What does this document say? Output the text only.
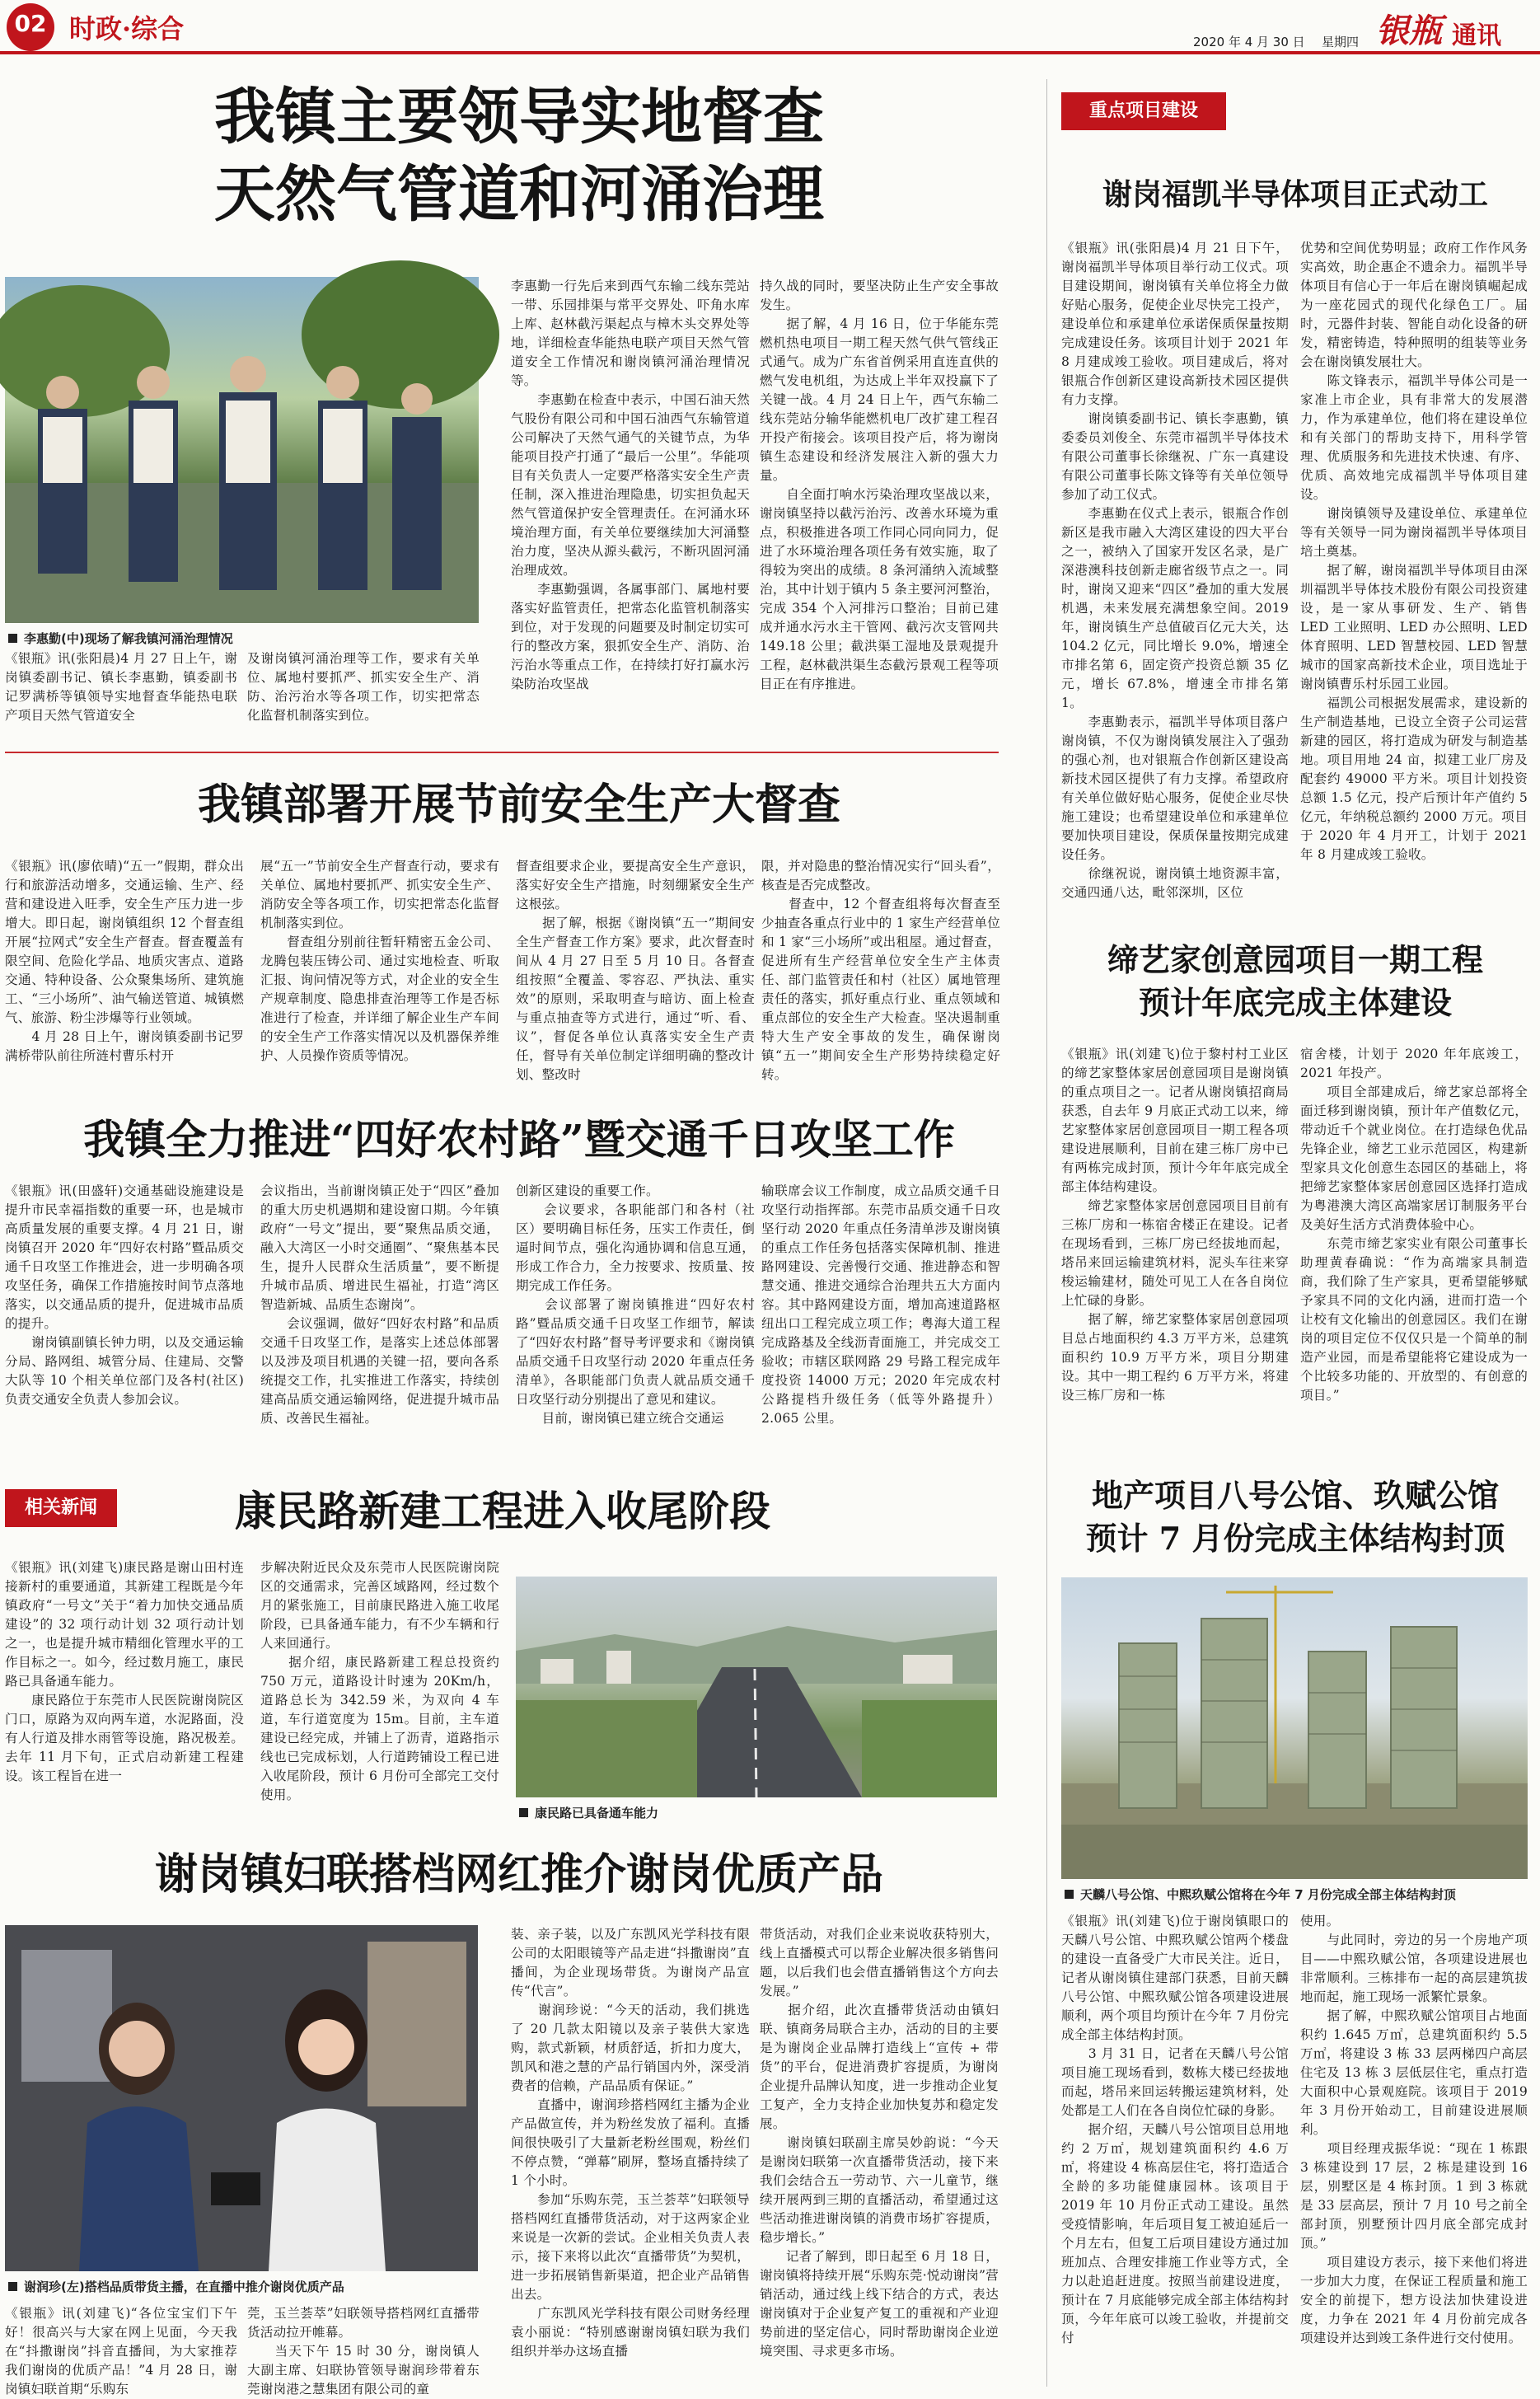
02 时政·综合	2020 年 4 月 30 日 星期四 银瓶 通讯
我镇主要领导实地督查
天然气管道和河涌治理
李惠勤(中)现场了解我镇河涌治理情况
《银瓶》讯(张阳晨)4 月 27 日上午，谢岗镇委副书记、镇长李惠勤，镇委副书记罗满桥等镇领导实地督查华能热电联产项目天然气管道安全
及谢岗镇河涌治理等工作，要求有关单位、属地村要抓严、抓实安全生产、消防、治污治水等各项工作，切实把常态化监督机制落实到位。
李惠勤一行先后来到西气东输二线东莞站一带、乐园排渠与常平交界处、吓角水库上库、赵林截污渠起点与樟木头交界处等地，详细检查华能热电联产项目天然气管道安全工作情况和谢岗镇河涌治理情况等。
　　李惠勤在检查中表示，中国石油天然气股份有限公司和中国石油西气东输管道公司解决了天然气通气的关键节点，为华能项目投产打通了“最后一公里”。华能项目有关负责人一定要严格落实安全生产责任制，深入推进治理隐患，切实担负起天然气管道保护安全管理责任。在河涌水环境治理方面，有关单位要继续加大河涌整治力度，坚决从源头截污，不断巩固河涌治理成效。
　　李惠勤强调，各属事部门、属地村要落实好监管责任，把常态化监管机制落实到位，对于发现的问题要及时制定切实可行的整改方案，狠抓安全生产、消防、治污治水等重点工作，在持续打好打赢水污染防治攻坚战
持久战的同时，要坚决防止生产安全事故发生。
　　据了解，4 月 16 日，位于华能东莞燃机热电项目一期工程天然气供气管线正式通气。成为广东省首例采用直连直供的燃气发电机组，为达成上半年双投赢下了关键一战。4 月 24 日上午，西气东输二线东莞站分输华能燃机电厂改扩建工程召开投产衔接会。该项目投产后，将为谢岗镇生态建设和经济发展注入新的强大力量。
　　自全面打响水污染治理攻坚战以来，谢岗镇坚持以截污治污、改善水环境为重点，积极推进各项工作同心同向同力，促进了水环境治理各项任务有效实施，取了得较为突出的成绩。8 条河涌纳入流域整治，其中计划于镇内 5 条主要河河整治，完成 354 个入河排污口整治；目前已建成并通水污水主干管网、截污次支管网共 149.18 公里；截洪渠工湿地及景观提升工程，赵林截洪渠生态截污景观工程等项目正在有序推进。
我镇部署开展节前安全生产大督查
《银瓶》讯(廖依晴)“五一”假期，群众出行和旅游活动增多，交通运输、生产、经营和建设进入旺季，安全生产压力进一步增大。即日起，谢岗镇组织 12 个督查组开展“拉网式”安全生产督查。督查覆盖有限空间、危险化学品、地质灾害点、道路交通、特种设备、公众聚集场所、建筑施工、“三小场所”、油气输送管道、城镇燃气、旅游、粉尘涉爆等行业领域。
　　4 月 28 日上午，谢岗镇委副书记罗满桥带队前往所涟村曹乐村开
展“五一”节前安全生产督查行动，要求有关单位、属地村要抓严、抓实安全生产、消防安全等各项工作，切实把常态化监督机制落实到位。
　　督查组分别前往暂轩精密五金公司、龙腾包装压铸公司、通过实地检查、听取汇报、询问情况等方式，对企业的安全生产规章制度、隐患排查治理等工作是否标准进行了检查，并详细了解企业生产车间的安全生产工作落实情况以及机器保养维护、人员操作资质等情况。
督查组要求企业，要提高安全生产意识，落实好安全生产措施，时刻绷紧安全生产这根弦。
　　据了解，根据《谢岗镇“五一”期间安全生产督查工作方案》要求，此次督查时间从 4 月 27 日至 5 月 10 日。各督查组按照“全覆盖、零容忍、严执法、重实效”的原则，采取明查与暗访、面上检查与重点抽查等方式进行，通过“听、看、议”，督促各单位认真落实安全生产责任，督导有关单位制定详细明确的整改计划、整改时
限，并对隐患的整治情况实行“回头看”，核查是否完成整改。
　　督查中，12 个督查组将每次督查至少抽查各重点行业中的 1 家生产经营单位和 1 家“三小场所”或出租屋。通过督查，促进所有生产经营单位安全生产主体责任、部门监管责任和村（社区）属地管理责任的落实，抓好重点行业、重点领域和重点部位的安全生产大检查。坚决遏制重特大生产安全事故的发生，确保谢岗镇“五一”期间安全生产形势持续稳定好转。
我镇全力推进“四好农村路”暨交通千日攻坚工作
《银瓶》讯(田盛轩)交通基础设施建设是提升市民幸福指数的重要一环，也是城市高质量发展的重要支撑。4 月 21 日，谢岗镇召开 2020 年“四好农村路”暨品质交通千日攻坚工作推进会，进一步明确各项攻坚任务，确保工作措施按时间节点落地落实，以交通品质的提升，促进城市品质的提升。
　　谢岗镇副镇长钟力明，以及交通运输分局、路网组、城管分局、住建局、交警大队等 10 个相关单位部门及各村(社区)负责交通安全负责人参加会议。
会议指出，当前谢岗镇正处于“四区”叠加的重大历史机遇期和建设窗口期。今年镇政府“一号文”提出，要“聚焦品质交通，融入大湾区一小时交通圈”、“聚焦基本民生，提升人民群众生活质量”，要不断提升城市品质、增进民生福祉，打造“湾区智造新城、品质生态谢岗”。
　　会议强调，做好“四好农村路”和品质交通千日攻坚工作，是落实上述总体部署以及涉及项目机遇的关键一招，要向各系统提交工作，扎实推进工作落实，持续创建高品质交通运输网络，促进提升城市品质、改善民生福祉。
创新区建设的重要工作。
　　会议要求，各职能部门和各村（社区）要明确目标任务，压实工作责任，倒逼时间节点，强化沟通协调和信息互通，形成工作合力，全力按要求、按质量、按期完成工作任务。
　　会议部署了谢岗镇推进“四好农村路”暨品质交通千日攻坚工作细节，解读了“四好农村路”督导考评要求和《谢岗镇品质交通千日攻坚行动 2020 年重点任务清单》，各职能部门负责人就品质交通千日攻坚行动分别提出了意见和建议。
　　目前，谢岗镇已建立统合交通运
输联席会议工作制度，成立品质交通千日攻坚行动指挥部。东莞市品质交通千日攻坚行动 2020 年重点任务清单涉及谢岗镇的重点工作任务包括落实保障机制、推进路网建设、完善慢行交通、推进静态和智慧交通、推进交通综合治理共五大方面内容。其中路网建设方面，增加高速道路枢纽出口工程完成立项工作；粤海大道工程完成路基及全线沥青面施工，并完成交工验收；市辖区联网路 29 号路工程完成年度投资 14000 万元；2020 年完成农村公路提档升级任务（低等外路提升）2.065 公里。
相关新闻	康民路新建工程进入收尾阶段
《银瓶》讯(刘建飞)康民路是谢山田村连接新村的重要通道，其新建工程既是今年镇政府“一号文”关于“着力加快交通品质建设”的 32 项行动计划 32 项行动计划之一，也是提升城市精细化管理水平的工作目标之一。如今，经过数月施工，康民路已具备通车能力。
　　康民路位于东莞市人民医院谢岗院区门口，原路为双向两车道，水泥路面，没有人行道及排水雨管等设施，路况极差。去年 11 月下旬，正式启动新建工程建设。该工程旨在进一
步解决附近民众及东莞市人民医院谢岗院区的交通需求，完善区域路网，经过数个月的紧张施工，目前康民路进入施工收尾阶段，已具备通车能力，有不少车辆和行人来回通行。
　　据介绍，康民路新建工程总投资约 750 万元，道路设计时速为 20Km/h，道路总长为 342.59 米，为双向 4 车道，车行道宽度为 15m。目前，主车道建设已经完成，并铺上了沥青，道路指示线也已完成标划，人行道跨铺设工程已进入收尾阶段，预计 6 月份可全部完工交付使用。
康民路已具备通车能力
谢岗镇妇联搭档网红推介谢岗优质产品
谢润珍(左)搭档品质带货主播，在直播中推介谢岗优质产品
《银瓶》讯(刘建飞)“各位宝宝们下午好！很高兴与大家在网上见面，今天我在“抖撒谢岗”抖音直播间，为大家推荐我们谢岗的优质产品！”4 月 28 日，谢岗镇妇联首期“乐购东
莞，玉兰荟萃”妇联领导搭档网红直播带货活动拉开帷幕。
　　当天下午 15 时 30 分，谢岗镇人大副主席、妇联协管领导谢润珍带着东莞谢岗港之慧集团有限公司的童
装、亲子装，以及广东凯风光学科技有限公司的太阳眼镜等产品走进“抖撒谢岗”直播间，为企业现场带货。为谢岗产品宣传“代言”。
　　谢润珍说：“今天的活动，我们挑选了 20 几款太阳镜以及亲子装供大家选购，款式新颖，材质舒适，折扣力度大，凯风和港之慧的产品行销国内外，深受消费者的信赖，产品品质有保证。”
　　直播中，谢润珍搭档网红主播为企业产品做宣传，并为粉丝发放了福利。直播间很快吸引了大量新老粉丝围观，粉丝们不停点赞，“弹幕”刷屏，整场直播持续了 1 个小时。
　　参加“乐购东莞，玉兰荟萃”妇联领导搭档网红直播带货活动，对于这两家企业来说是一次新的尝试。企业相关负责人表示，接下来将以此次“直播带货”为契机，进一步拓展销售新渠道，把企业产品销售出去。
　　广东凯风光学科技有限公司财务经理袁小丽说：“特别感谢谢岗镇妇联为我们组织并举办这场直播
带货活动，对我们企业来说收获特别大，线上直播模式可以帮企业解决很多销售问题，以后我们也会借直播销售这个方向去发展。”
　　据介绍，此次直播带货活动由镇妇联、镇商务局联合主办，活动的目的主要是为谢岗企业品牌打造线上“宣传 + 带货”的平台，促进消费扩容提质，为谢岗企业提升品牌认知度，进一步推动企业复工复产，全力支持企业加快复苏和稳定发展。
　　谢岗镇妇联副主席吴妙韵说：“今天是谢岗妇联第一次直播带货活动，接下来我们会结合五一劳动节、六一儿童节，继续开展两到三期的直播活动，希望通过这些活动推进谢岗镇的消费市场扩容提质，稳步增长。”
　　记者了解到，即日起至 6 月 18 日，谢岗镇将持续开展“乐购东莞·悦动谢岗”营销活动，通过线上线下结合的方式，表达谢岗镇对于企业复产复工的重视和产业迎势前进的坚定信心，同时帮助谢岗企业逆境突围、寻求更多市场。
重点项目建设
谢岗福凯半导体项目正式动工
《银瓶》讯(张阳晨)4 月 21 日下午，谢岗福凯半导体项目举行动工仪式。项目建设期间，谢岗镇有关单位将全力做好贴心服务，促使企业尽快完工投产，建设单位和承建单位承诺保质保量按期完成建设任务。该项目计划于 2021 年 8 月建成竣工验收。项目建成后，将对银瓶合作创新区建设高新技术园区提供有力支撑。
　　谢岗镇委副书记、镇长李惠勤，镇委委员刘俊全、东莞市福凯半导体技术有限公司董事长徐继祝、广东一真建设有限公司董事长陈文锋等有关单位领导参加了动工仪式。
　　李惠勤在仪式上表示，银瓶合作创新区是我市融入大湾区建设的四大平台之一，被纳入了国家开发区名录，是广深港澳科技创新走廊省级节点之一。同时，谢岗又迎来“四区”叠加的重大发展机遇，未来发展充满想象空间。2019 年，谢岗镇生产总值破百亿元大关，达 104.2 亿元，同比增长 9.0%，增速全市排名第 6，固定资产投资总额 35 亿元，增长 67.8%，增速全市排名第 1。
　　李惠勤表示，福凯半导体项目落户谢岗镇，不仅为谢岗镇发展注入了强劲的强心剂，也对银瓶合作创新区建设高新技术园区提供了有力支撑。希望政府有关单位做好贴心服务，促使企业尽快施工建设；也希望建设单位和承建单位要加快项目建设，保质保量按期完成建设任务。
　　徐继祝说，谢岗镇土地资源丰富，交通四通八达，毗邻深圳，区位
优势和空间优势明显；政府工作作风务实高效，助企惠企不遗余力。福凯半导体项目有信心于一年后在谢岗镇崛起成为一座花园式的现代化绿色工厂。届时，元器件封装、智能自动化设备的研发，精密铸造，特种照明的组装等业务会在谢岗镇发展壮大。
　　陈文锋表示，福凯半导体公司是一家准上市企业，具有非常大的发展潜力，作为承建单位，他们将在建设单位和有关部门的帮助支持下，用科学管理、优质服务和先进技术快速、有序、优质、高效地完成福凯半导体项目建设。
　　谢岗镇领导及建设单位、承建单位等有关领导一同为谢岗福凯半导体项目培土奠基。
　　据了解，谢岗福凯半导体项目由深圳福凯半导体技术股份有限公司投资建设，是一家从事研发、生产、销售 LED 工业照明、LED 办公照明、LED 体育照明、LED 智慧校园、LED 智慧城市的国家高新技术企业，项目选址于谢岗镇曹乐村乐园工业园。
　　福凯公司根据发展需求，建设新的生产制造基地，已设立全资子公司运营新建的园区，将打造成为研发与制造基地。项目用地 24 亩，拟建工业厂房及配套约 49000 平方米。项目计划投资总额 1.5 亿元，投产后预计年产值约 5 亿元，年纳税总额约 2000 万元。项目于 2020 年 4 月开工，计划于 2021 年 8 月建成竣工验收。
缔艺家创意园项目一期工程
预计年底完成主体建设
《银瓶》讯(刘建飞)位于黎村村工业区的缔艺家整体家居创意园项目是谢岗镇的重点项目之一。记者从谢岗镇招商局获悉，自去年 9 月底正式动工以来，缔艺家整体家居创意园项目一期工程各项建设进展顺利，目前在建三栋厂房中已有两栋完成封顶，预计今年年底完成全部主体结构建设。
　　缔艺家整体家居创意园项目目前有三栋厂房和一栋宿舍楼正在建设。记者在现场看到，三栋厂房已经拔地而起，塔吊来回运输建筑材料，泥头车往来穿梭运输建材，随处可见工人在各自岗位上忙碌的身影。
　　据了解，缔艺家整体家居创意园项目总占地面积约 4.3 万平方米，总建筑面积约 10.9 万平方米，项目分期建设。其中一期工程约 6 万平方米，将建设三栋厂房和一栋
宿舍楼，计划于 2020 年年底竣工，2021 年投产。
　　项目全部建成后，缔艺家总部将全面迁移到谢岗镇，预计年产值数亿元，带动近千个就业岗位。在打造绿色优品先锋企业，缔艺工业示范园区，构建新型家具文化创意生态园区的基础上，将把缔艺家整体家居创意园区选择打造成为粤港澳大湾区高端家居订制服务平台及美好生活方式消费体验中心。
　　东莞市缔艺家实业有限公司董事长助理黄春确说：“作为高端家具制造商，我们除了生产家具，更希望能够赋予家具不同的文化内涵，进而打造一个让校有文化输出的创意园区。我们在谢岗的项目定位不仅仅只是一个简单的制造产业园，而是希望能将它建设成为一个比较多功能的、开放型的、有创意的项目。”
地产项目八号公馆、玖赋公馆
预计 7 月份完成主体结构封顶
天麟八号公馆、中熙玖赋公馆将在今年 7 月份完成全部主体结构封顶
《银瓶》讯(刘建飞)位于谢岗镇眼口的天麟八号公馆、中熙玖赋公馆两个楼盘的建设一直备受广大市民关注。近日，记者从谢岗镇住建部门获悉，目前天麟八号公馆、中熙玖赋公馆各项建设进展顺利，两个项目均预计在今年 7 月份完成全部主体结构封顶。
　　3 月 31 日，记者在天麟八号公馆项目施工现场看到，数栋大楼已经拔地而起，塔吊来回运转搬运建筑材料，处处都是工人们在各自岗位忙碌的身影。
　　据介绍，天麟八号公馆项目总用地约 2 万㎡，规划建筑面积约 4.6 万㎡，将建设 4 栋高层住宅，将打造适合全龄的多功能健康园林。该项目于 2019 年 10 月份正式动工建设。虽然受疫情影响，年后项目复工被迫延后一个月左右，但复工后项目建设方通过加班加点、合理安排施工作业等方式，全力以赴追赶进度。按照当前建设进度，预计在 7 月底能够完成全部主体结构封顶，今年年底可以竣工验收，并提前交付
使用。
　　与此同时，旁边的另一个房地产项目——中熙玖赋公馆，各项建设进展也非常顺利。三栋排布一起的高层建筑拔地而起，施工现场一派繁忙景象。
　　据了解，中熙玖赋公馆项目占地面积约 1.645 万㎡，总建筑面积约 5.5 万㎡，将建设 3 栋 33 层两梯四户高层住宅及 13 栋 3 层低层住宅，重点打造大面积中心景观庭院。该项目于 2019 年 3 月份开始动工，目前建设进展顺利。
　　项目经理戎振华说：“现在 1 栋跟 3 栋建设到 17 层，2 栋是建设到 16 层，别墅区是 4 栋封顶。1 到 3 栋就是 33 层高层，预计 7 月 10 号之前全部封顶，别墅预计四月底全部完成封顶。”
　　项目建设方表示，接下来他们将进一步加大力度，在保证工程质量和施工安全的前提下，想方设法加快建设进度，力争在 2021 年 4 月份前完成各项建设并达到竣工条件进行交付使用。
